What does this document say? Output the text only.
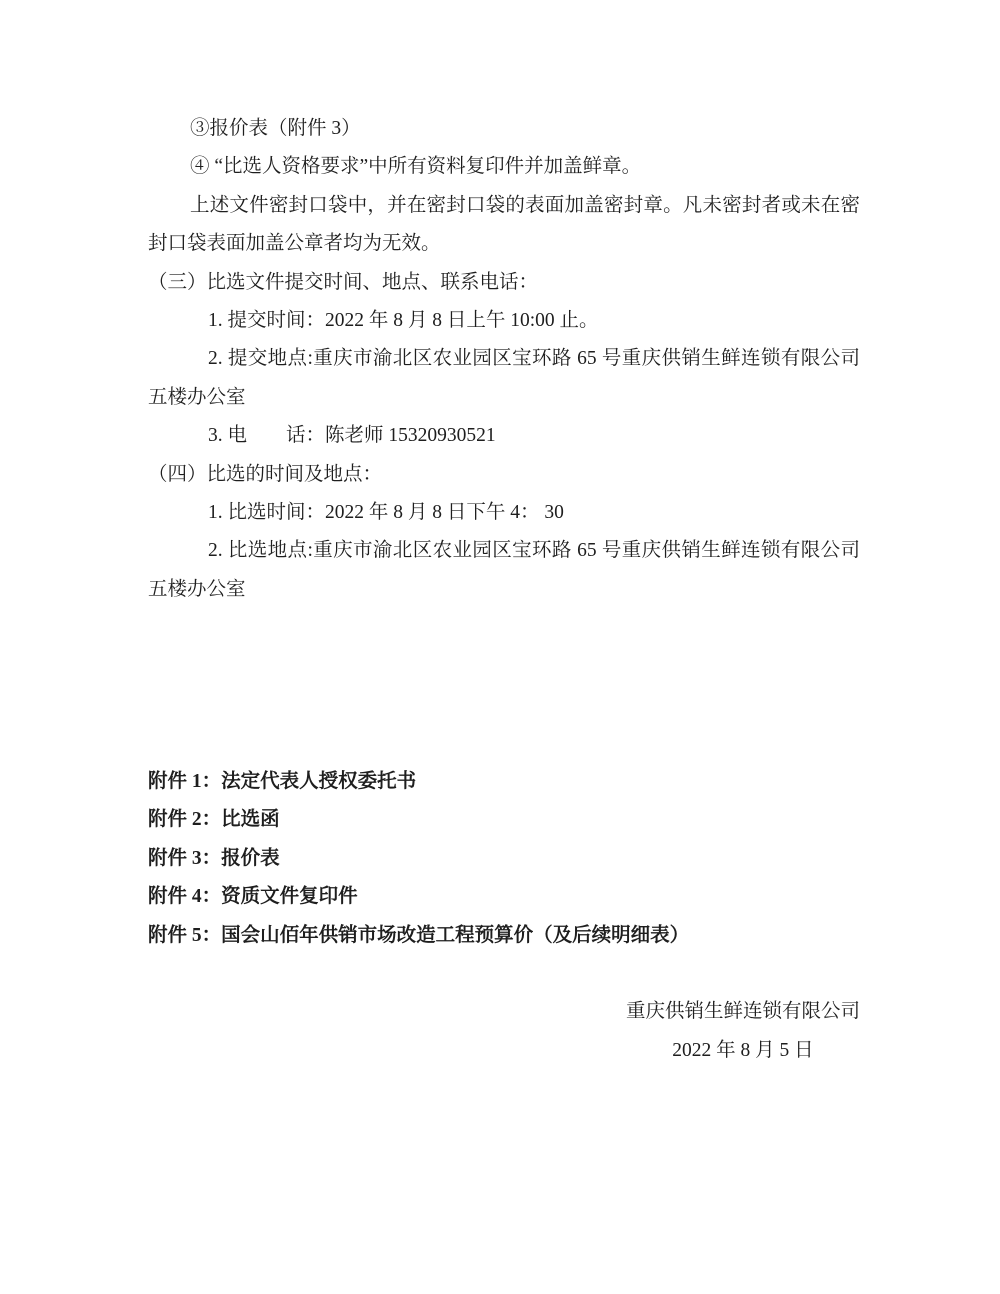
③报价表（附件 3）
④ “比选人资格要求”中所有资料复印件并加盖鲜章。
上述文件密封口袋中，并在密封口袋的表面加盖密封章。凡未密封者或未在密
封口袋表面加盖公章者均为无效。
（三）比选文件提交时间、地点、联系电话：
1. 提交时间：2022 年 8 月 8 日上午 10:00 止。
2. 提交地点:重庆市渝北区农业园区宝环路 65 号重庆供销生鲜连锁有限公司
五楼办公室
3. 电　　话：陈老师 15320930521
（四）比选的时间及地点：
1. 比选时间：2022 年 8 月 8 日下午 4： 30
2. 比选地点:重庆市渝北区农业园区宝环路 65 号重庆供销生鲜连锁有限公司
五楼办公室
附件 1：法定代表人授权委托书
附件 2：比选函
附件 3：报价表
附件 4：资质文件复印件
附件 5：国会山佰年供销市场改造工程预算价（及后续明细表）
重庆供销生鲜连锁有限公司
2022 年 8 月 5 日
